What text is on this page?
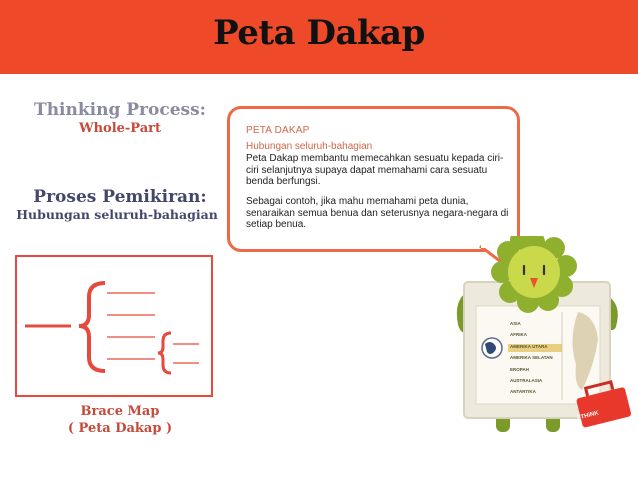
Peta Dakap
Thinking Process:
Whole-Part
Proses Pemikiran:
Hubungan seluruh-bahagian
Brace Map
( Peta Dakap )
PETA DAKAP
Hubungan seluruh-bahagian
Peta Dakap membantu memecahkan sesuatu kepada ciri-ciri selanjutnya supaya dapat memahami cara sesuatu benda berfungsi.
Sebagai contoh, jika mahu memahami peta dunia, senaraikan semua benua dan seterusnya negara-negara di setiap benua.
ASIA
AFRIKA
AMERIKA UTARA
AMERIKA SELATAN
EROPAH
AUSTRALASIA
ANTARTIKA
i-THiNK
